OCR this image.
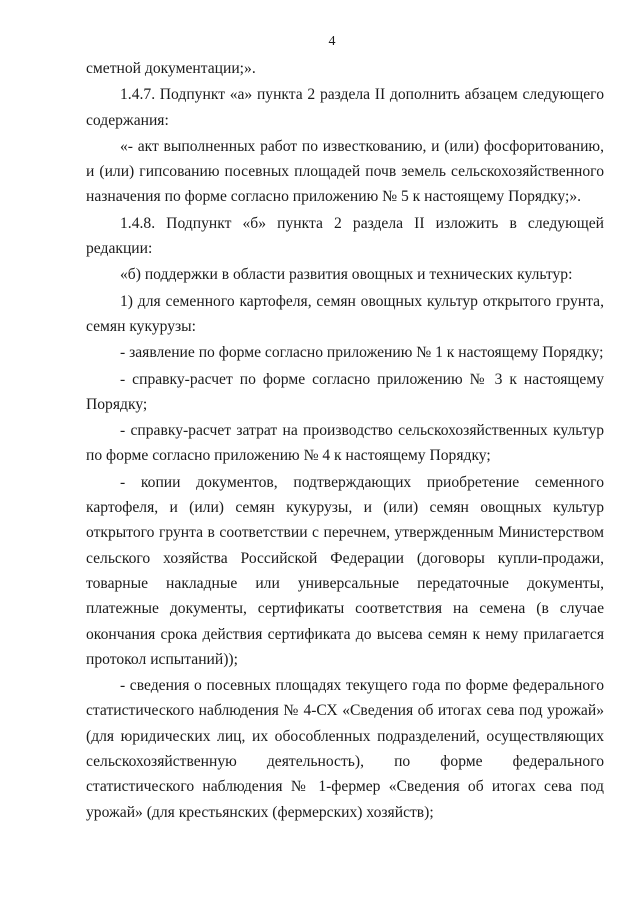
4

сметной документации;».

1.4.7. Подпункт «а» пункта 2 раздела II дополнить абзацем следующего содержания:

«- акт выполненных работ по известкованию, и (или) фосфоритованию, и (или) гипсованию посевных площадей почв земель сельскохозяйственного назначения по форме согласно приложению № 5 к настоящему Порядку;».

1.4.8. Подпункт «б» пункта 2 раздела II изложить в следующей редакции:

«б) поддержки в области развития овощных и технических культур:

1) для семенного картофеля, семян овощных культур открытого грунта, семян кукурузы:

- заявление по форме согласно приложению № 1 к настоящему Порядку;

- справку-расчет по форме согласно приложению № 3 к настоящему Порядку;

- справку-расчет затрат на производство сельскохозяйственных культур по форме согласно приложению № 4 к настоящему Порядку;

- копии документов, подтверждающих приобретение семенного картофеля, и (или) семян кукурузы, и (или) семян овощных культур открытого грунта в соответствии с перечнем, утвержденным Министерством сельского хозяйства Российской Федерации (договоры купли-продажи, товарные накладные или универсальные передаточные документы, платежные документы, сертификаты соответствия на семена (в случае окончания срока действия сертификата до высева семян к нему прилагается протокол испытаний));

- сведения о посевных площадях текущего года по форме федерального статистического наблюдения № 4-СХ «Сведения об итогах сева под урожай» (для юридических лиц, их обособленных подразделений, осуществляющих сельскохозяйственную деятельность), по форме федерального статистического наблюдения № 1-фермер «Сведения об итогах сева под урожай» (для крестьянских (фермерских) хозяйств);
